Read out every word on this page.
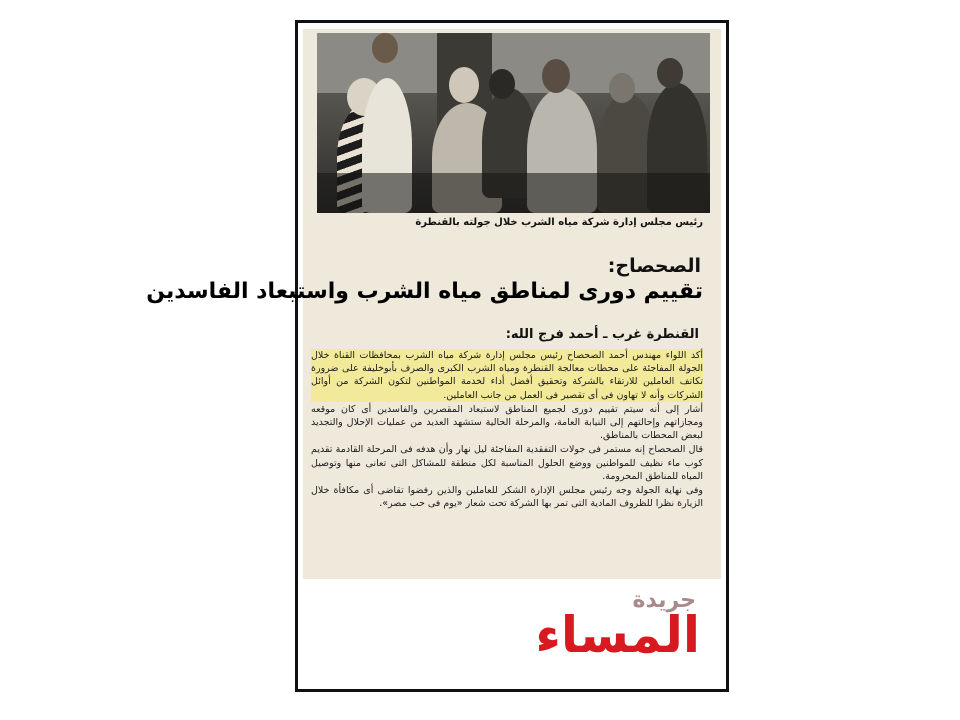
رئيس مجلس إدارة شركة مياه الشرب خلال جولته بالقنطرة
الصحصاح:
تقييم دورى لمناطق مياه الشرب واستبعاد الفاسدين
القنطرة غرب ـ أحمد فرج الله:

أكد اللواء مهندس أحمد الصحصاح رئيس مجلس إدارة شركة مياه الشرب بمحافظات القناة خلال الجولة المفاجئة على محطات معالجة القنطرة ومياه الشرب الكبرى والصرف بأبوخليفة على ضرورة تكاتف العاملين للارتقاء بالشركة وتحقيق أفضل أداء لخدمة المواطنين لتكون الشركة من أوائل الشركات وأنه لا تهاون فى أى تقصير فى العمل من جانب العاملين.

أشار إلى أنه سيتم تقييم دورى لجميع المناطق لاستبعاد المقصرين والفاسدين أى كان موقعه ومجازاتهم وإحالتهم إلى النيابة العامة، والمرحلة الحالية ستشهد العديد من عمليات الإحلال والتجديد لبعض المحطات بالمناطق.

قال الصحصاح إنه مستمر فى جولات التفقدية المفاجئة ليل نهار وأن هدفه فى المرحلة القادمة تقديم كوب ماء نظيف للمواطنين ووضع الحلول المناسبة لكل منطقة للمشاكل التى تعانى منها وتوصيل المياه للمناطق المحرومة.

وفى نهاية الجولة وجه رئيس مجلس الإدارة الشكر للعاملين والذين رفضوا تقاضى أى مكافأة خلال الزيارة نظرا للظروف المادية التى تمر بها الشركة تحت شعار «يوم فى حب مصر».

جريدة
المساء
